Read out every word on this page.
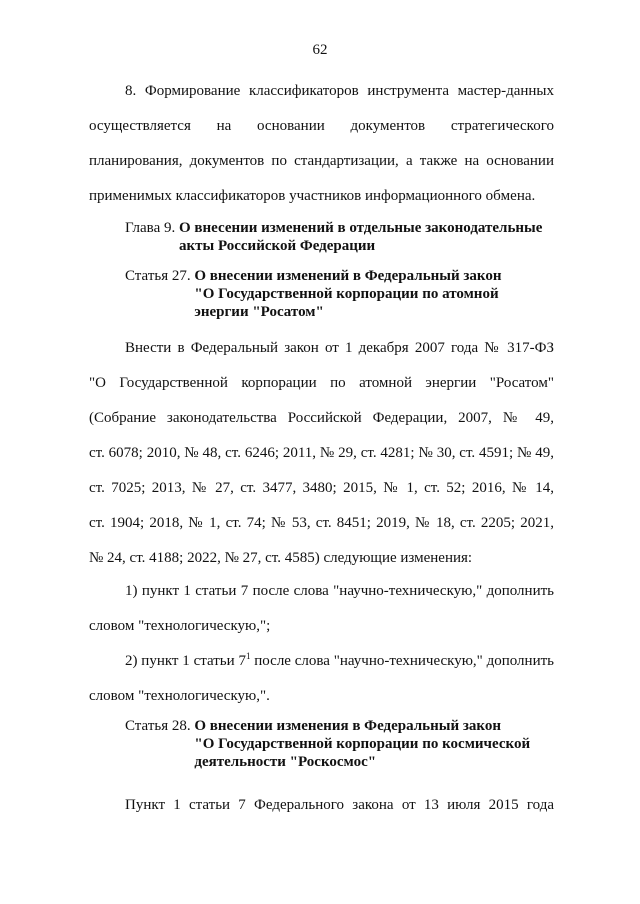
62
8. Формирование классификаторов инструмента мастер-данных
осуществляется на основании документов стратегического
планирования, документов по стандартизации, а также на основании
применимых классификаторов участников информационного обмена.
Глава 9. О внесении изменений в отдельные законодательные
акты Российской Федерации
Статья 27. О внесении изменений в Федеральный закон
"О Государственной корпорации по атомной
энергии "Росатом"
Внести в Федеральный закон от 1 декабря 2007 года № 317-ФЗ
"О Государственной корпорации по атомной энергии "Росатом"
(Собрание законодательства Российской Федерации, 2007, № 49,
ст. 6078; 2010, № 48, ст. 6246; 2011, № 29, ст. 4281; № 30, ст. 4591; № 49,
ст. 7025; 2013, № 27, ст. 3477, 3480; 2015, № 1, ст. 52; 2016, № 14,
ст. 1904; 2018, № 1, ст. 74; № 53, ст. 8451; 2019, № 18, ст. 2205; 2021,
№ 24, ст. 4188; 2022, № 27, ст. 4585) следующие изменения:
1) пункт 1 статьи 7 после слова "научно-техническую," дополнить
словом "технологическую,";
2) пункт 1 статьи $7^1$ после слова "научно-техническую," дополнить
словом "технологическую,".
Статья 28. О внесении изменения в Федеральный закон
"О Государственной корпорации по космической
деятельности "Роскосмос"
Пункт 1 статьи 7 Федерального закона от 13 июля 2015 года
